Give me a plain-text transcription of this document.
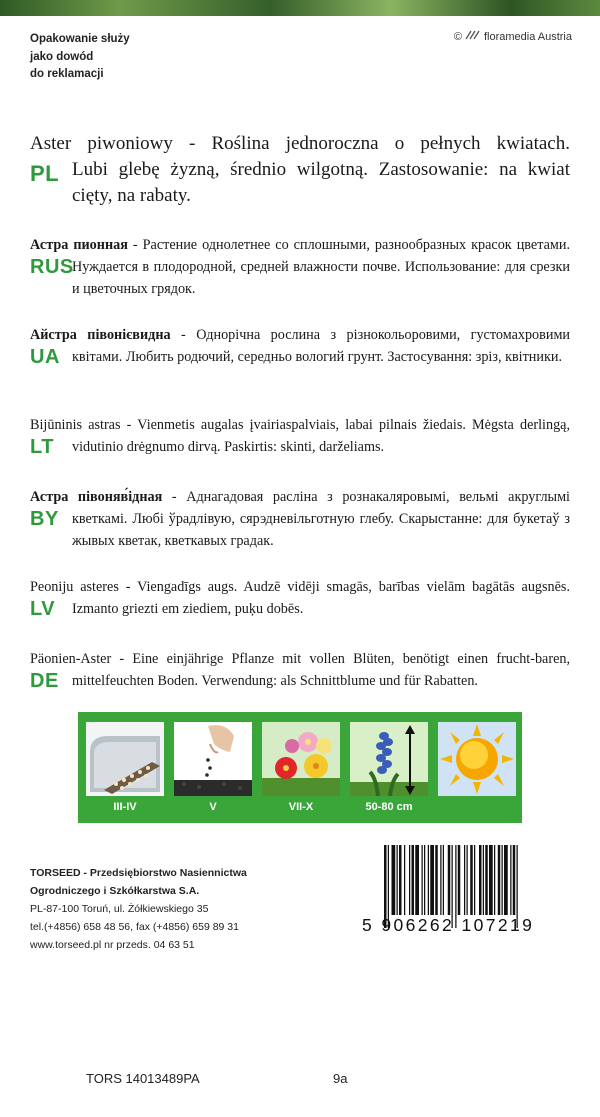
Opakowanie służy
jako dowód
do reklamacji
© floramedia Austria
PL
Aster piwoniowy - Roślina jednoroczna o pełnych kwiatach.
Lubi glebę żyzną, średnio wilgotną. Zastosowanie: na kwiat
cięty, na rabaty.
RUS
Астра пионная - Растение однолетнее со сплошными, разнообразных красок цветами. Нуждается в плодородной, средней влажности почве. Использование: для срезки и цветочных грядок.
UA
Айстра півонієвидна - Однорічна рослина з різнокольоровими, густомахровими квітами. Любить родючий, середньо вологий грунт. Застосування: зріз, квітники.
LT
Bijūninis astras - Vienmetis augalas įvairiaspalviais, labai pilnais žiedais. Mėgsta derlingą, vidutinio drėgnumo dirvą. Paskirtis: skinti, darželiams.
BY
Астра півоняв́ідная - Аднагадовая расліна з рознакаляровымі, вельмі акруглымі кветкамі. Любі ўрадлівую, сярэдневільготную глебу. Скарыстанне: для букетаў з жывых кветак, кветкавых градак.
LV
Peoniju asteres - Viengadīgs augs. Audzē vidēji smagās, barības vielām bagātās augsnēs. Izmanto griezti em ziediem, puķu dobēs.
DE
Päonien-Aster - Eine einjährige Pflanze mit vollen Blüten, benötigt einen frucht-baren, mittelfeuchten Boden. Verwendung: als Schnittblume und für Rabatten.
III-IV	V	VII-X	50-80 cm
TORSEED - Przedsiębiorstwo Nasiennictwa
Ogrodniczego i Szkółkarstwa S.A.
PL-87-100 Toruń, ul. Żółkiewskiego 35
tel.(+4856) 658 48 56, fax (+4856) 659 89 31
www.torseed.pl nr przeds. 04 63 51
5 906262 107219
TORS 14013489PA	9a
